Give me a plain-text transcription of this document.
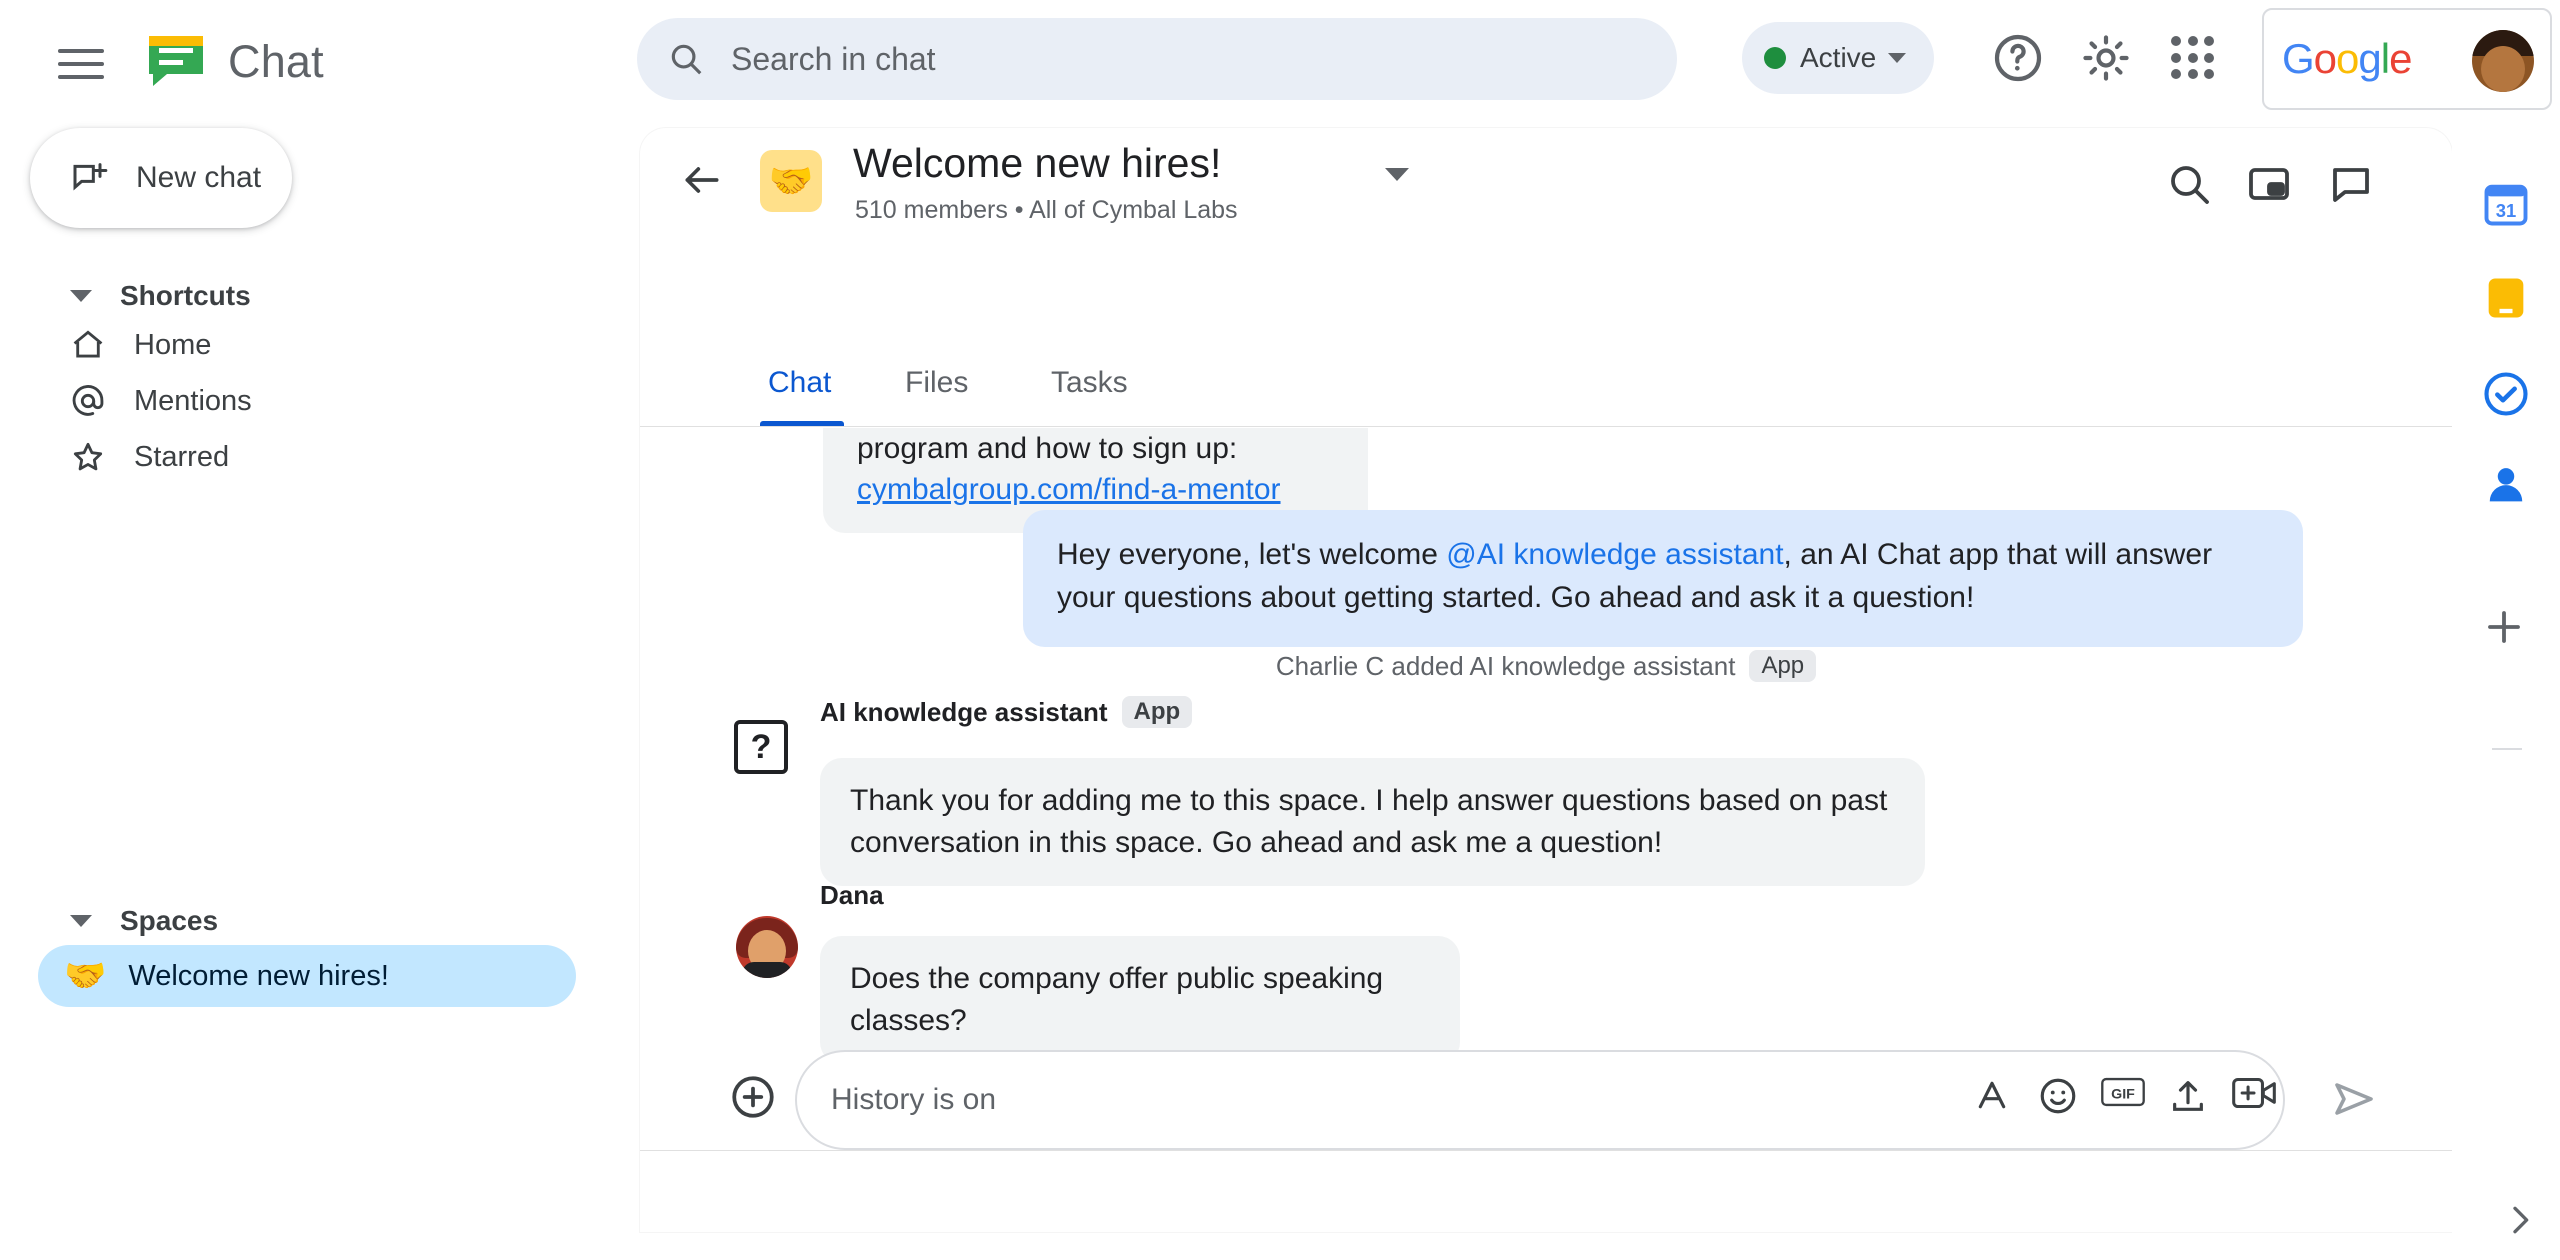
Chat	Search in chat	Active	Google
New chat
Shortcuts
Home
Mentions
Starred
Spaces
🤝 Welcome new hires!
🤝 Welcome new hires!
510 members • All of Cymbal Labs
Chat Files	Tasks
program and how to sign up:
cymbalgroup.com/find-a-mentor
Hey everyone, let's welcome @AI knowledge assistant, an AI Chat app that will answer your questions about getting started. Go ahead and ask it a question!
Charlie C added AI knowledge assistant	App
AI knowledge assistant	App
?
Thank you for adding me to this space. I help answer questions based on past conversation in this space. Go ahead and ask me a question!
Dana
Does the company offer public speaking classes?
History is on	GIF
31
